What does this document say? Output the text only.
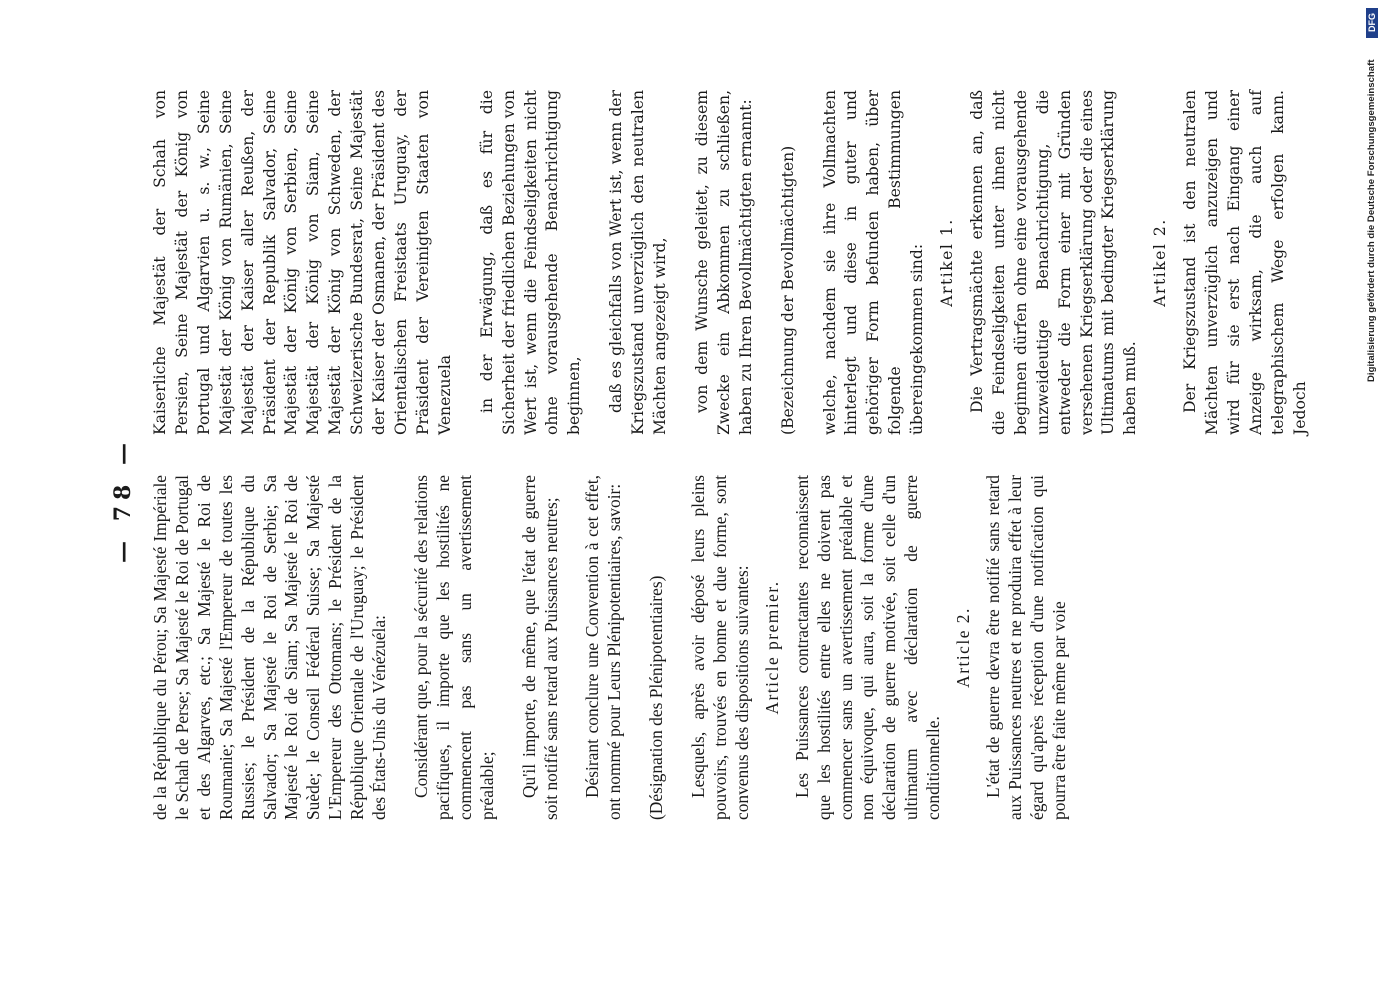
— 78 — de la République du Pérou; Sa Majesté Impériale le Schah de Perse; Sa Majesté le Roi de Portugal et des Algarves, etc.; Sa Majesté le Roi de Roumanie; Sa Majesté l'Empereur de toutes les Russies; le Président de la République du Salvador; Sa Majesté le Roi de Serbie; Sa Majesté le Roi de Siam; Sa Majesté le Roi de Suède; le Conseil Fédéral Suisse; Sa Majesté L'Empereur des Ottomans; le Président de la République Orientale de l'Uruguay; le Président des États-Unis du Vénézuéla: Considérant que, pour la sécurité des relations pacifiques, il importe que les hostilités ne commencent pas sans un avertissement préalable; Qu'il importe, de même, que l'état de guerre soit notifié sans retard aux Puissances neutres; Désirant conclure une Convention à cet effet, ont nommé pour Leurs Plénipotentiaires, savoir: (Désignation des Plénipotentiaires) Lesquels, après avoir déposé leurs pleins pouvoirs, trouvés en bonne et due forme, sont convenus des dispositions suivantes: Article premier. Les Puissances contractantes reconnaissent que les hostilités entre elles ne doivent pas commencer sans un avertissement préalable et non équivoque, qui aura, soit la forme d'une déclaration de guerre motivée, soit celle d'un ultimatum avec déclaration de guerre conditionnelle.

Article 2. L'état de guerre devra être notifié sans retard aux Puissances neutres et ne produira effet à leur égard qu'après réception d'une notification qui pourra être faite même par voie

Kaiserliche Majestät der Schah von Persien, Seine Majestät der König von Portugal und Algarvien u. s. w., Seine Majestät der König von Rumänien, Seine Majestät der Kaiser aller Reußen, der Präsident der Republik Salvador, Seine Majestät der König von Serbien, Seine Majestät der König von Siam, Seine Majestät der König von Schweden, der Schweizerische Bundesrat, Seine Majestät der Kaiser der Osmanen, der Präsident des Orientalischen Freistaats Uruguay, der Präsident der Vereinigten Staaten von Venezuela in der Erwägung, daß es für die Sicherheit der friedlichen Beziehungen von Wert ist, wenn die Feindseligkeiten nicht ohne vorausgehende Benachrichtigung beginnen, daß es gleichfalls von Wert ist, wenn der Kriegszustand unverzüglich den neutralen Mächten angezeigt wird, von dem Wunsche geleitet, zu diesem Zwecke ein Abkommen zu schließen, haben zu Ihren Bevollmächtigten ernannt: (Bezeichnung der Bevollmächtigten) welche, nachdem sie ihre Vollmachten hinterlegt und diese in guter und gehöriger Form befunden haben, über folgende Bestimmungen übereingekommen sind: Artikel 1. Die Vertragsmächte erkennen an, daß die Feindseligkeiten unter ihnen nicht beginnen dürfen ohne eine vorausgehende unzweideutige Benachrichtigung, die entweder die Form einer mit Gründen versehenen Kriegserklärung oder die eines Ultimatums mit bedingter Kriegserklärung haben muß.

Artikel 2. Der Kriegszustand ist den neutralen Mächten unverzüglich anzuzeigen und wird für sie erst nach Eingang einer Anzeige wirksam, die auch auf telegraphischem Wege erfolgen kann. Jedoch

DFG
Digitalisierung gefördert durch die Deutsche Forschungsgemeinschaft
